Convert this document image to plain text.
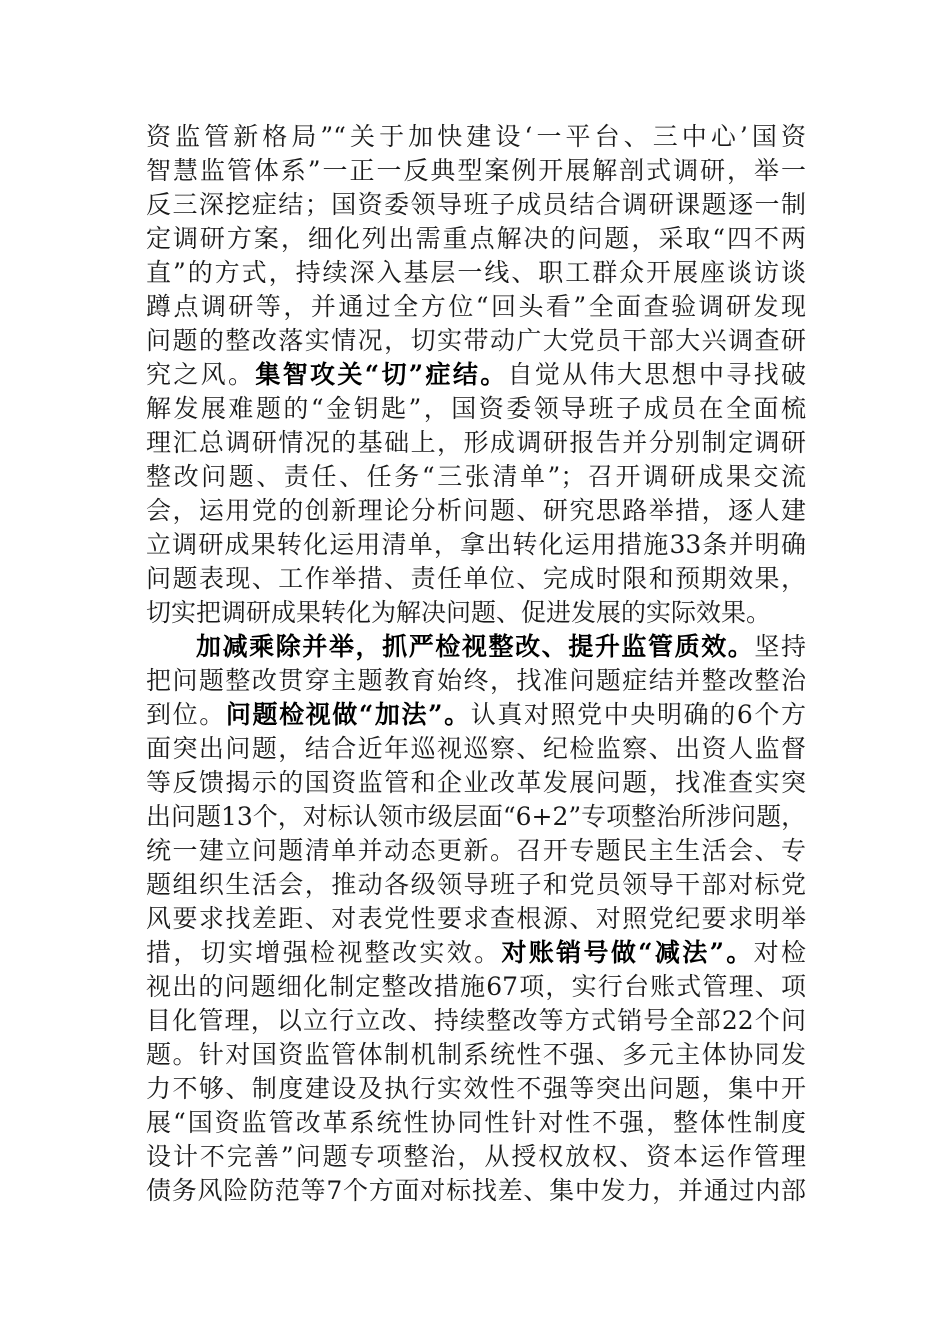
资监管新格局”“关于加快建设‘一平台、三中心’国资
智慧监管体系”一正一反典型案例开展解剖式调研，举一
反三深挖症结；国资委领导班子成员结合调研课题逐一制
定调研方案，细化列出需重点解决的问题，采取“四不两
直”的方式，持续深入基层一线、职工群众开展座谈访谈
蹲点调研等，并通过全方位“回头看”全面查验调研发现
问题的整改落实情况，切实带动广大党员干部大兴调查研
究之风。集智攻关“切”症结。自觉从伟大思想中寻找破
解发展难题的“金钥匙”，国资委领导班子成员在全面梳
理汇总调研情况的基础上，形成调研报告并分别制定调研
整改问题、责任、任务“三张清单”；召开调研成果交流
会，运用党的创新理论分析问题、研究思路举措，逐人建
立调研成果转化运用清单，拿出转化运用措施33条并明确
问题表现、工作举措、责任单位、完成时限和预期效果，
切实把调研成果转化为解决问题、促进发展的实际效果。
加减乘除并举，抓严检视整改、提升监管质效。坚持
把问题整改贯穿主题教育始终，找准问题症结并整改整治
到位。问题检视做“加法”。认真对照党中央明确的6个方
面突出问题，结合近年巡视巡察、纪检监察、出资人监督
等反馈揭示的国资监管和企业改革发展问题，找准查实突
出问题13个，对标认领市级层面“6+2”专项整治所涉问题，
统一建立问题清单并动态更新。召开专题民主生活会、专
题组织生活会，推动各级领导班子和党员领导干部对标党
风要求找差距、对表党性要求查根源、对照党纪要求明举
措，切实增强检视整改实效。对账销号做“减法”。对检
视出的问题细化制定整改措施67项，实行台账式管理、项
目化管理，以立行立改、持续整改等方式销号全部22个问
题。针对国资监管体制机制系统性不强、多元主体协同发
力不够、制度建设及执行实效性不强等突出问题，集中开
展“国资监管改革系统性协同性针对性不强，整体性制度
设计不完善”问题专项整治，从授权放权、资本运作管理
债务风险防范等7个方面对标找差、集中发力，并通过内部
